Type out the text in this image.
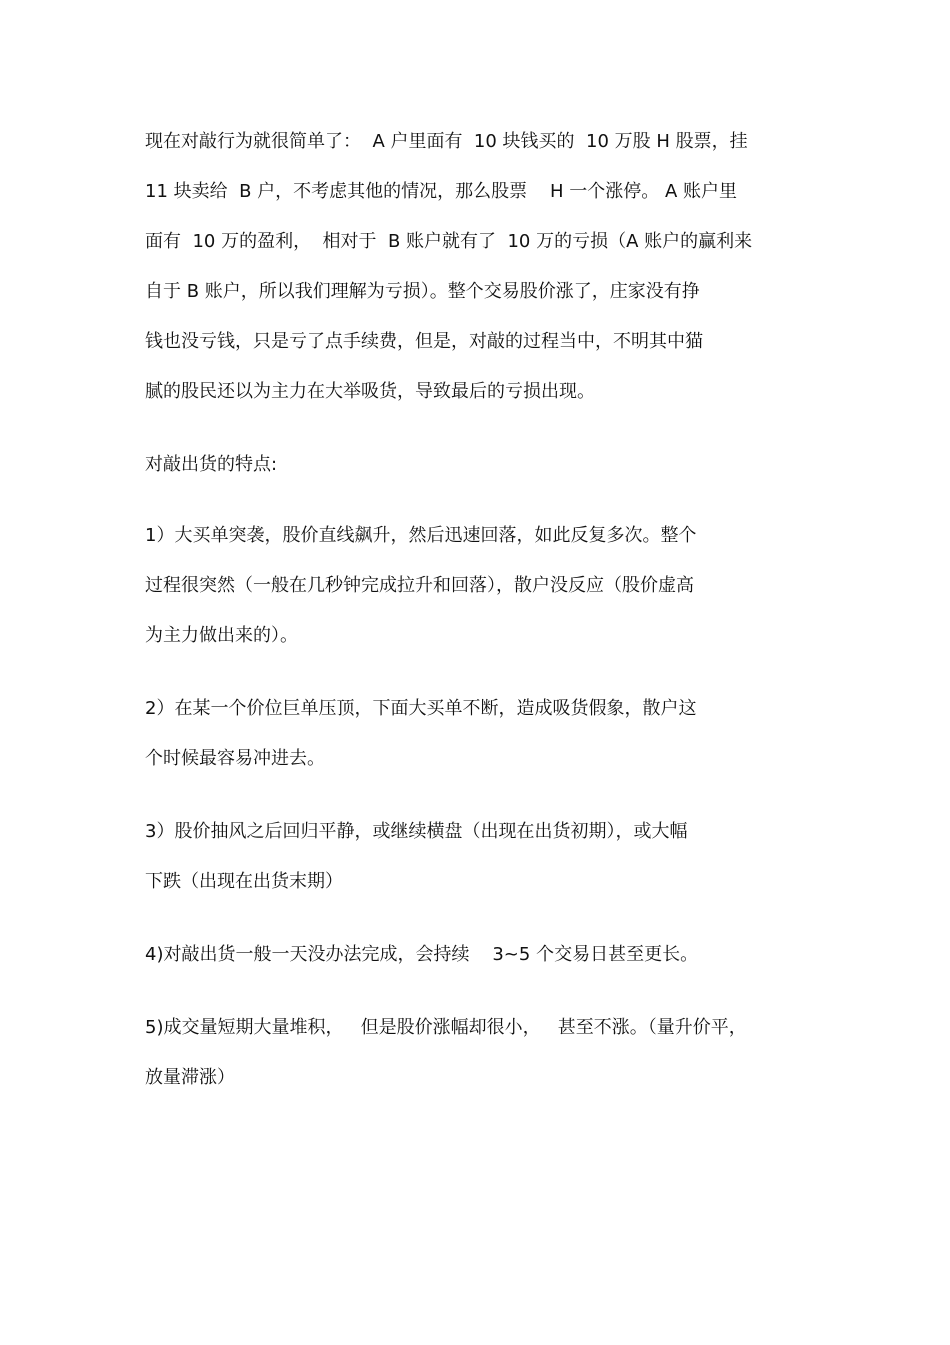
现在对敲行为就很简单了：  A 户里面有  10 块钱买的  10 万股 H 股票，挂
11 块卖给  B 户，不考虑其他的情况，那么股票    H 一个涨停。 A 账户里
面有  10 万的盈利，  相对于  B 账户就有了  10 万的亏损（A 账户的赢利来
自于 B 账户，所以我们理解为亏损）。整个交易股价涨了，庄家没有挣
钱也没亏钱，只是亏了点手续费，但是，对敲的过程当中，不明其中猫
腻的股民还以为主力在大举吸货，导致最后的亏损出现。
对敲出货的特点:
1）大买单突袭，股价直线飙升，然后迅速回落，如此反复多次。整个
过程很突然（一般在几秒钟完成拉升和回落），散户没反应（股价虚高
为主力做出来的）。
2）在某一个价位巨单压顶，下面大买单不断，造成吸货假象，散户这
个时候最容易冲进去。
3）股价抽风之后回归平静，或继续横盘（出现在出货初期），或大幅
下跌（出现在出货末期）
4)对敲出货一般一天没办法完成，会持续    3~5 个交易日甚至更长。
5)成交量短期大量堆积，   但是股价涨幅却很小，   甚至不涨。（量升价平，
放量滞涨）
